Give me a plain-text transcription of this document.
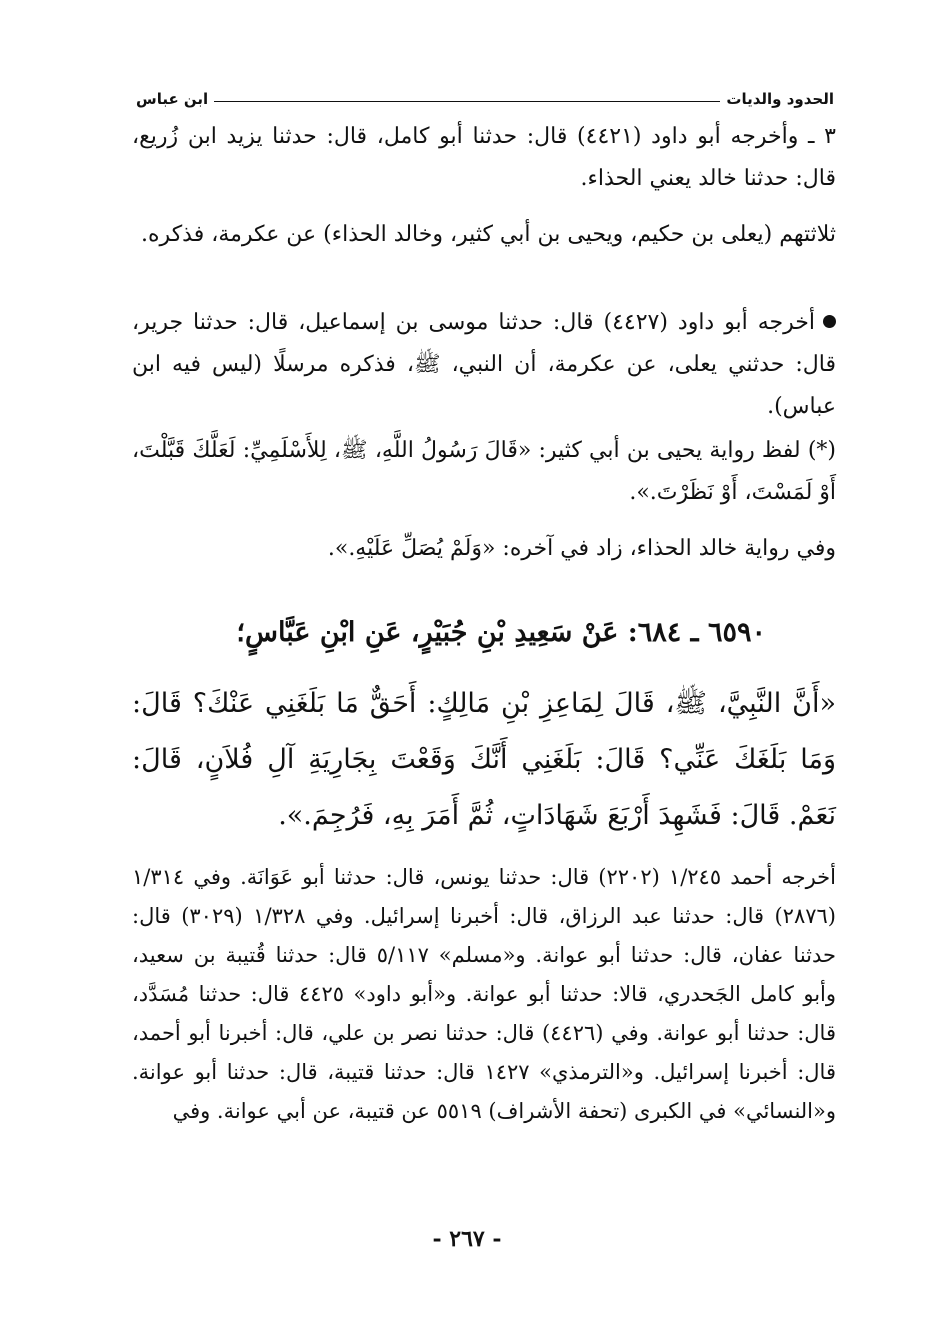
الحدود والديات
ابن عباس

٣ ـ وأخرجه أبو داود (٤٤٢١) قال: حدثنا أبو كامل، قال: حدثنا يزيد ابن زُريع، قال: حدثنا خالد يعني الحذاء.

ثلاثتهم (يعلى بن حكيم، ويحيى بن أبي كثير، وخالد الحذاء) عن عكرمة، فذكره.

أخرجه أبو داود (٤٤٢٧) قال: حدثنا موسى بن إسماعيل، قال: حدثنا جرير، قال: حدثني يعلى، عن عكرمة، أن النبي، ﷺ، فذكره مرسلًا (ليس فيه ابن عباس).

(*) لفظ رواية يحيى بن أبي كثير: «قَالَ رَسُولُ اللَّهِ، ﷺ، لِلأَسْلَمِيِّ: لَعَلَّكَ قَبَّلْتَ، أَوْ لَمَسْتَ، أَوْ نَظَرْتَ.».

وفي رواية خالد الحذاء، زاد في آخره: «وَلَمْ يُصَلِّ عَلَيْهِ.».

٦٥٩٠ ـ ٦٨٤: عَنْ سَعِيدِ بْنِ جُبَيْرٍ، عَنِ ابْنِ عَبَّاسٍ؛
«أَنَّ النَّبِيَّ، ﷺ، قَالَ لِمَاعِزِ بْنِ مَالِكٍ: أَحَقٌّ مَا بَلَغَنِي عَنْكَ؟ قَالَ: وَمَا بَلَغَكَ عَنِّي؟ قَالَ: بَلَغَنِي أَنَّكَ وَقَعْتَ بِجَارِيَةِ آلِ فُلاَنٍ، قَالَ: نَعَمْ. قَالَ: فَشَهِدَ أَرْبَعَ شَهَادَاتٍ، ثُمَّ أَمَرَ بِهِ، فَرُجِمَ.».
أخرجه أحمد ١/٢٤٥ (٢٢٠٢) قال: حدثنا يونس، قال: حدثنا أبو عَوَانَة. وفي ١/٣١٤ (٢٨٧٦) قال: حدثنا عبد الرزاق، قال: أخبرنا إسرائيل. وفي ١/٣٢٨ (٣٠٢٩) قال: حدثنا عفان، قال: حدثنا أبو عوانة. و«مسلم» ٥/١١٧ قال: حدثنا قُتيبة بن سعيد، وأبو كامل الجَحدري، قالا: حدثنا أبو عوانة. و«أبو داود» ٤٤٢٥ قال: حدثنا مُسَدَّد، قال: حدثنا أبو عوانة. وفي (٤٤٢٦) قال: حدثنا نصر بن علي، قال: أخبرنا أبو أحمد، قال: أخبرنا إسرائيل. و«الترمذي» ١٤٢٧ قال: حدثنا قتيبة، قال: حدثنا أبو عوانة. و«النسائي» في الكبرى (تحفة الأشراف) ٥٥١٩ عن قتيبة، عن أبي عوانة. وفي
- ٢٦٧ -
